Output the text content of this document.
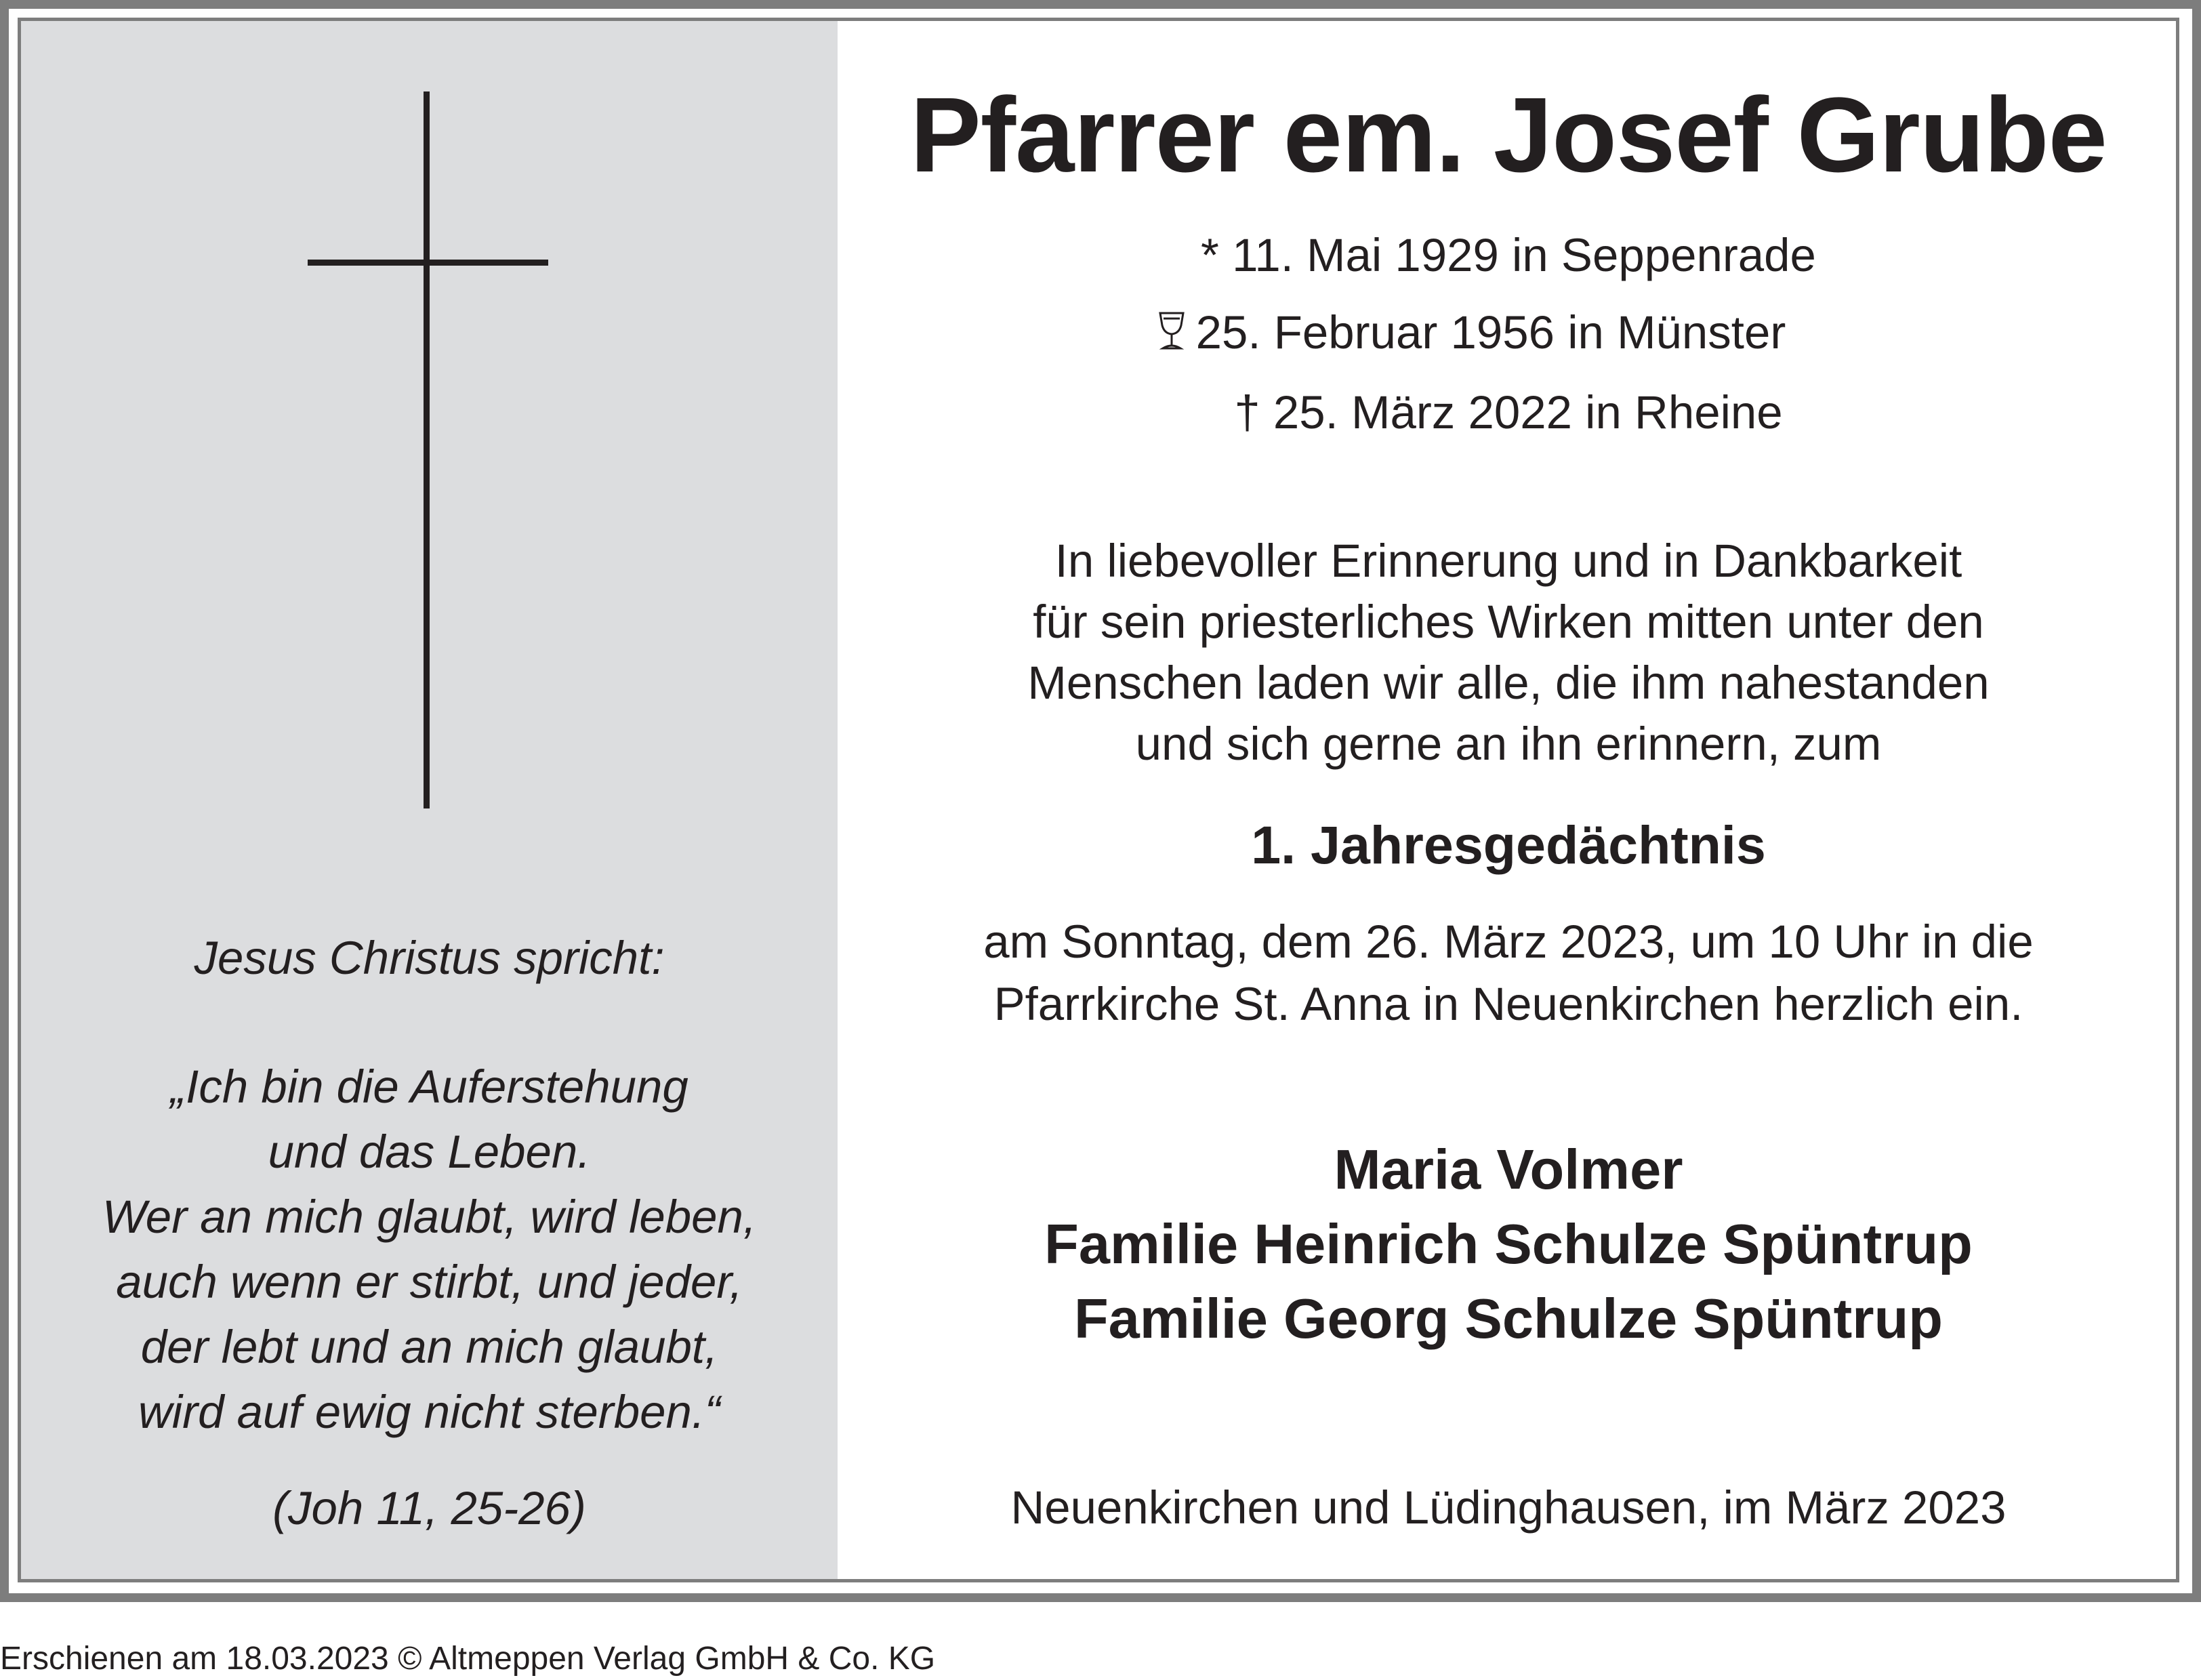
Jesus Christus spricht:
„Ich bin die Auferstehung
und das Leben.
Wer an mich glaubt, wird leben,
auch wenn er stirbt, und jeder,
der lebt und an mich glaubt,
wird auf ewig nicht sterben.“
(Joh 11, 25-26)
Pfarrer em. Josef Grube
* 11. Mai 1929 in Seppenrade
25. Februar 1956 in Münster
† 25. März 2022 in Rheine
In liebevoller Erinnerung und in Dankbarkeit
für sein priesterliches Wirken mitten unter den
Menschen laden wir alle, die ihm nahestanden
und sich gerne an ihn erinnern, zum
1. Jahresgedächtnis
am Sonntag, dem 26. März 2023, um 10 Uhr in die
Pfarrkirche St. Anna in Neuenkirchen herzlich ein.
Maria Volmer
Familie Heinrich Schulze Spüntrup
Familie Georg Schulze Spüntrup
Neuenkirchen und Lüdinghausen, im März 2023
Erschienen am 18.03.2023 © Altmeppen Verlag GmbH & Co. KG
